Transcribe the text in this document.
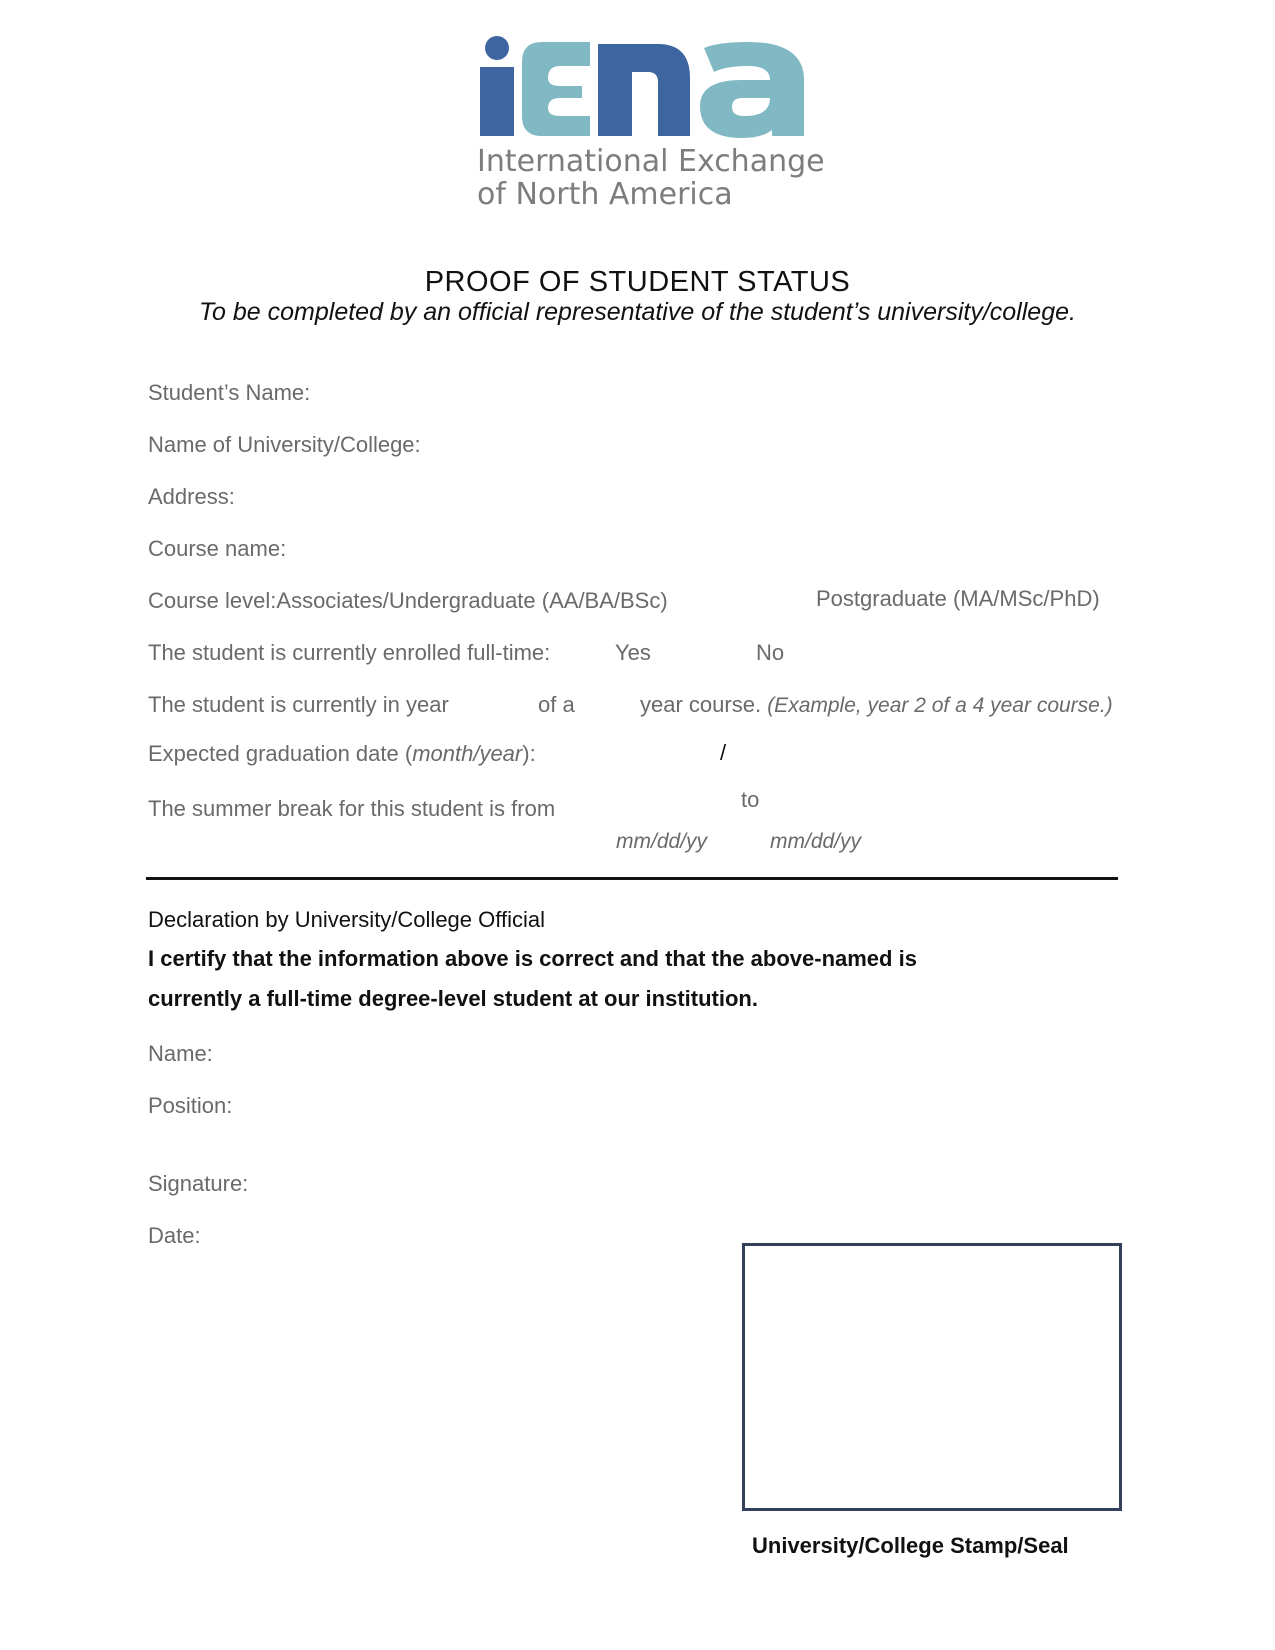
International Exchange
of North America
PROOF OF STUDENT STATUS
To be completed by an official representative of the student’s university/college.
Student’s Name:
Name of University/College:
Address:
Course name:
Course level:Associates/Undergraduate (AA/BA/BSc)	Postgraduate (MA/MSc/PhD)
The student is currently enrolled full-time:	Yes	No
The student is currently in year	of a	year course. (Example, year 2 of a 4 year course.)
Expected graduation date (month/year):	/
The summer break for this student is from	to
mm/dd/yy	mm/dd/yy
Declaration by University/College Official
I certify that the information above is correct and that the above-named is
currently a full-time degree-level student at our institution.
Name:
Position:
Signature:
Date:
University/College Stamp/Seal
